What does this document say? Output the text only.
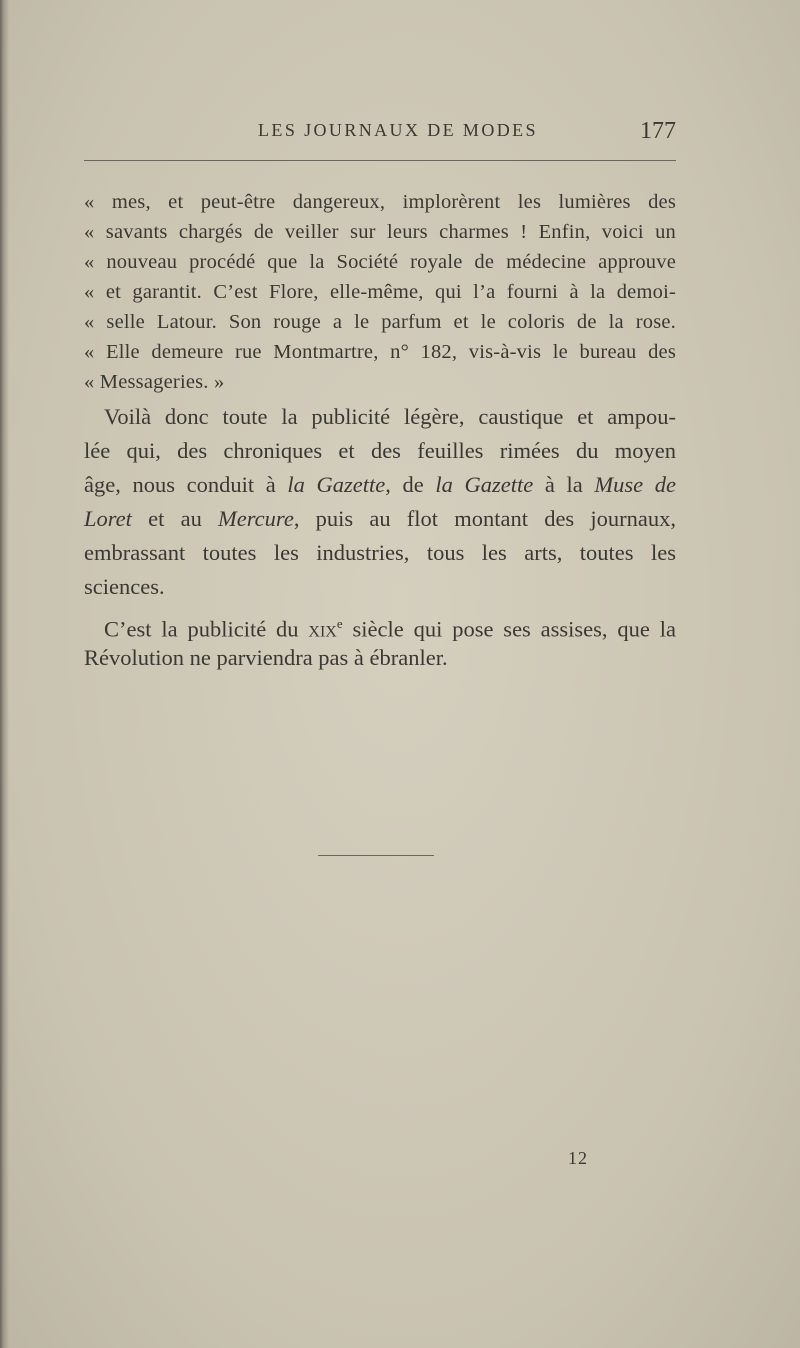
LES JOURNAUX DE MODES	177
« mes, et peut-être dangereux, implorèrent les lumières des
« savants chargés de veiller sur leurs charmes ! Enfin, voici un
« nouveau procédé que la Société royale de médecine approuve
« et garantit. C’est Flore, elle-même, qui l’a fourni à la demoi-
« selle Latour. Son rouge a le parfum et le coloris de la rose.
« Elle demeure rue Montmartre, n° 182, vis-à-vis le bureau des
« Messageries. »
Voilà donc toute la publicité légère, caustique et ampou-
lée qui, des chroniques et des feuilles rimées du moyen
âge, nous conduit à la Gazette, de la Gazette à la Muse de
Loret et au Mercure, puis au flot montant des journaux,
embrassant toutes les industries, tous les arts, toutes les
sciences.
C’est la publicité du xix$^e$ siècle qui pose ses assises, que la
Révolution ne parviendra pas à ébranler.
12
